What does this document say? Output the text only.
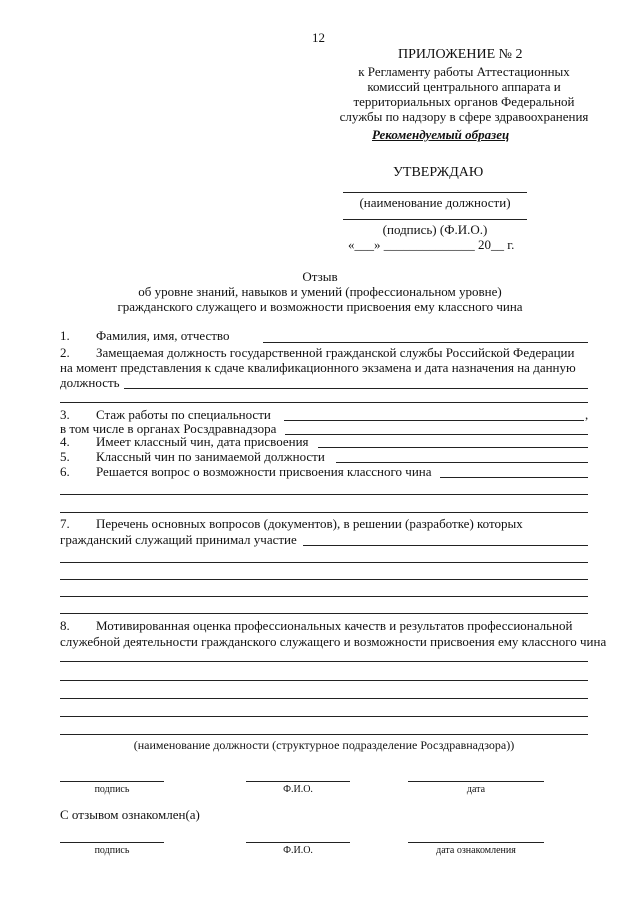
12
ПРИЛОЖЕНИЕ № 2
к Регламенту работы Аттестационных
комиссий центрального аппарата и
территориальных органов Федеральной
службы по надзору в сфере здравоохранения
Рекомендуемый образец
УТВЕРЖДАЮ
(наименование должности)
(подпись) (Ф.И.О.)
«___» ______________ 20__ г.
Отзыв
об уровне знаний, навыков и умений (профессиональном уровне)
гражданского служащего и возможности присвоения ему классного чина
1. Фамилия, имя, отчество
2. Замещаемая должность государственной гражданской службы Российской Федерации
на момент представления к сдаче квалификационного экзамена и дата назначения на данную
должность
3. Стаж работы по специальности	,
в том числе в органах Росздравнадзора
4. Имеет классный чин, дата присвоения
5. Классный чин по занимаемой должности
6. Решается вопрос о возможности присвоения классного чина
7. Перечень основных вопросов (документов), в решении (разработке) которых
гражданский служащий принимал участие
8. Мотивированная оценка профессиональных качеств и результатов профессиональной
служебной деятельности гражданского служащего и возможности присвоения ему классного чина
(наименование должности (структурное подразделение Росздравнадзора))
подпись	Ф.И.О.	дата
С отзывом ознакомлен(а)
подпись	Ф.И.О.	дата ознакомления
